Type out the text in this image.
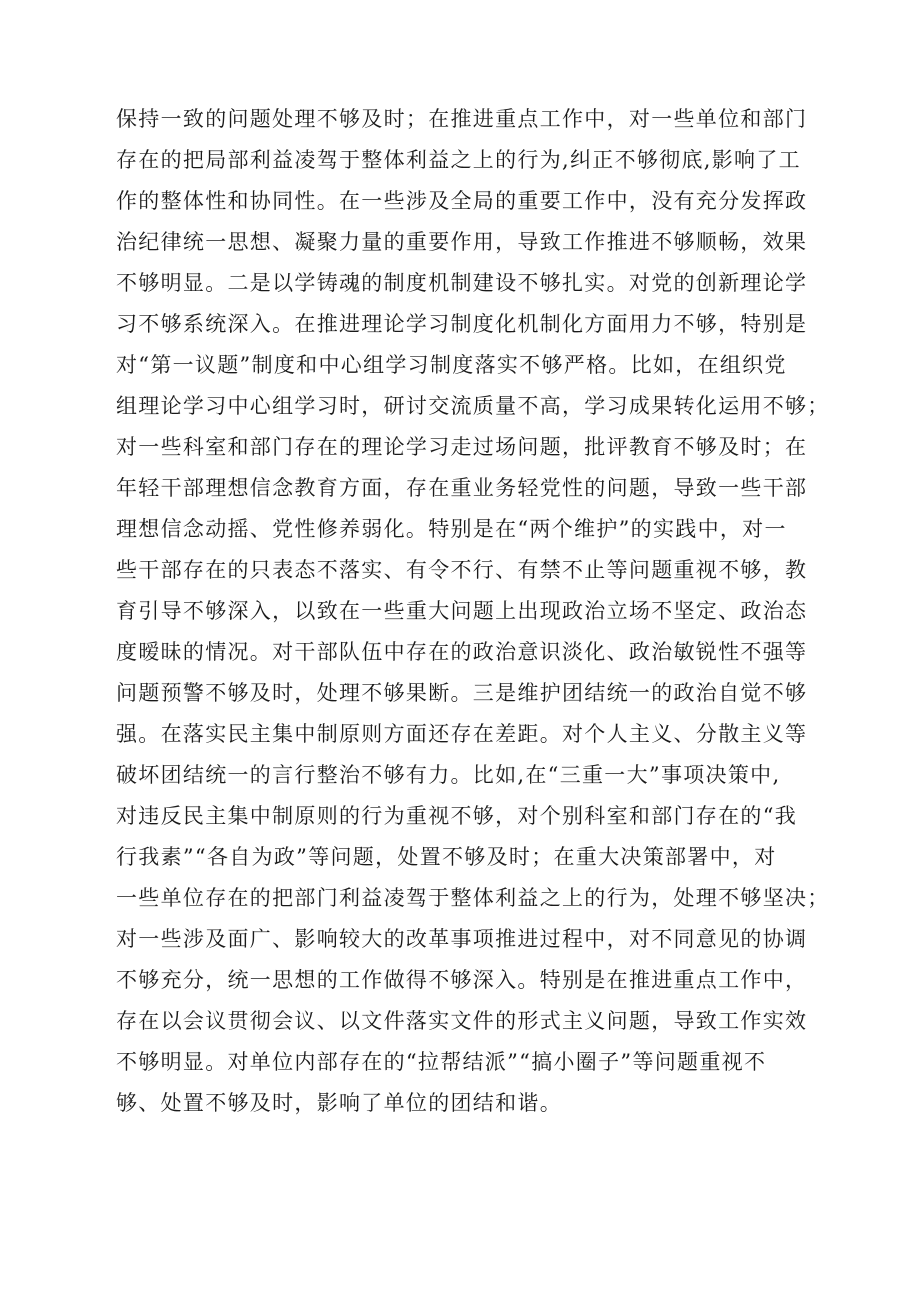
保持一致的问题处理不够及时；在推进重点工作中，对一些单位和部门
存在的把局部利益凌驾于整体利益之上的行为,纠正不够彻底,影响了工
作的整体性和协同性。在一些涉及全局的重要工作中，没有充分发挥政
治纪律统一思想、凝聚力量的重要作用，导致工作推进不够顺畅，效果
不够明显。二是以学铸魂的制度机制建设不够扎实。对党的创新理论学
习不够系统深入。在推进理论学习制度化机制化方面用力不够，特别是
对“第一议题”制度和中心组学习制度落实不够严格。比如，在组织党
组理论学习中心组学习时，研讨交流质量不高，学习成果转化运用不够；
对一些科室和部门存在的理论学习走过场问题，批评教育不够及时；在
年轻干部理想信念教育方面，存在重业务轻党性的问题，导致一些干部
理想信念动摇、党性修养弱化。特别是在“两个维护”的实践中，对一
些干部存在的只表态不落实、有令不行、有禁不止等问题重视不够，教
育引导不够深入，以致在一些重大问题上出现政治立场不坚定、政治态
度暧昧的情况。对干部队伍中存在的政治意识淡化、政治敏锐性不强等
问题预警不够及时，处理不够果断。三是维护团结统一的政治自觉不够
强。在落实民主集中制原则方面还存在差距。对个人主义、分散主义等
破坏团结统一的言行整治不够有力。比如,在“三重一大”事项决策中,
对违反民主集中制原则的行为重视不够，对个别科室和部门存在的“我
行我素”“各自为政”等问题，处置不够及时；在重大决策部署中，对
一些单位存在的把部门利益凌驾于整体利益之上的行为，处理不够坚决；
对一些涉及面广、影响较大的改革事项推进过程中，对不同意见的协调
不够充分，统一思想的工作做得不够深入。特别是在推进重点工作中，
存在以会议贯彻会议、以文件落实文件的形式主义问题，导致工作实效
不够明显。对单位内部存在的“拉帮结派”“搞小圈子”等问题重视不
够、处置不够及时，影响了单位的团结和谐。
